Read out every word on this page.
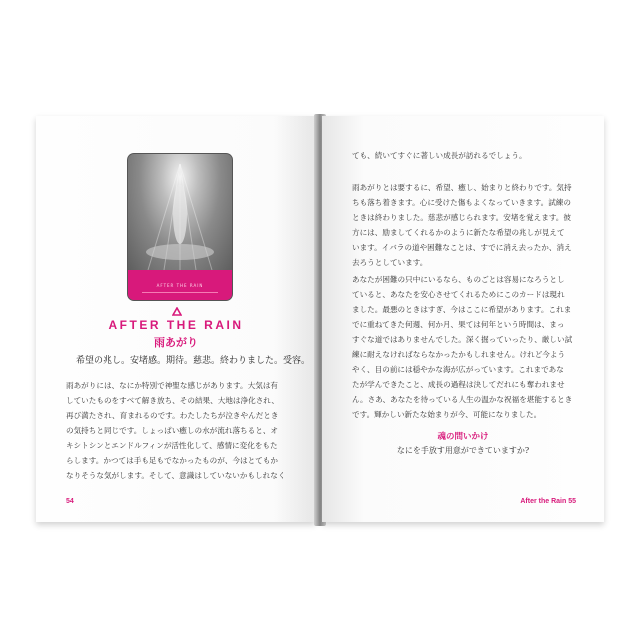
AFTER THE RAIN
AFTER THE RAIN
雨あがり
希望の兆し。安堵感。期待。慈悲。終わりました。受容。
雨あがりには、なにか特別で神聖な感じがあります。大気は有
していたものをすべて解き放ち、その結果、大地は浄化され、
再び満たされ、育まれるのです。わたしたちが泣きやんだとき
の気持ちと同じです。しょっぱい癒しの水が流れ落ちると、オ
キシトシンとエンドルフィンが活性化して、感情に変化をもた
らします。かつては手も足もでなかったものが、今はとてもか
なりそうな気がします。そして、意識はしていないかもしれなく
54
ても、続いてすぐに著しい成長が訪れるでしょう。
雨あがりとは要するに、希望、癒し、始まりと終わりです。気持
ちも落ち着きます。心に受けた傷もよくなっていきます。試練の
ときは終わりました。慈悲が感じられます。安堵を覚えます。彼
方には、励ましてくれるかのように新たな希望の兆しが見えて
います。イバラの道や困難なことは、すでに消え去ったか、消え
去ろうとしています。
あなたが困難の只中にいるなら、ものごとは容易になろうとし
ていると、あなたを安心させてくれるためにこのカードは現れ
ました。最悪のときはすぎ、今はここに希望があります。これま
でに重ねてきた何週、何か月、果ては何年という時間は、まっ
すぐな道ではありませんでした。深く掘っていったり、厳しい試
練に耐えなければならなかったかもしれません。けれど今よう
やく、目の前には穏やかな海が広がっています。これまであな
たが学んできたこと、成長の過程は決してだれにも奪われませ
ん。さあ、あなたを待っている人生の温かな祝福を堪能するとき
です。輝かしい新たな始まりが今、可能になりました。
魂の問いかけ
なにを手放す用意ができていますか?
After the Rain 55
